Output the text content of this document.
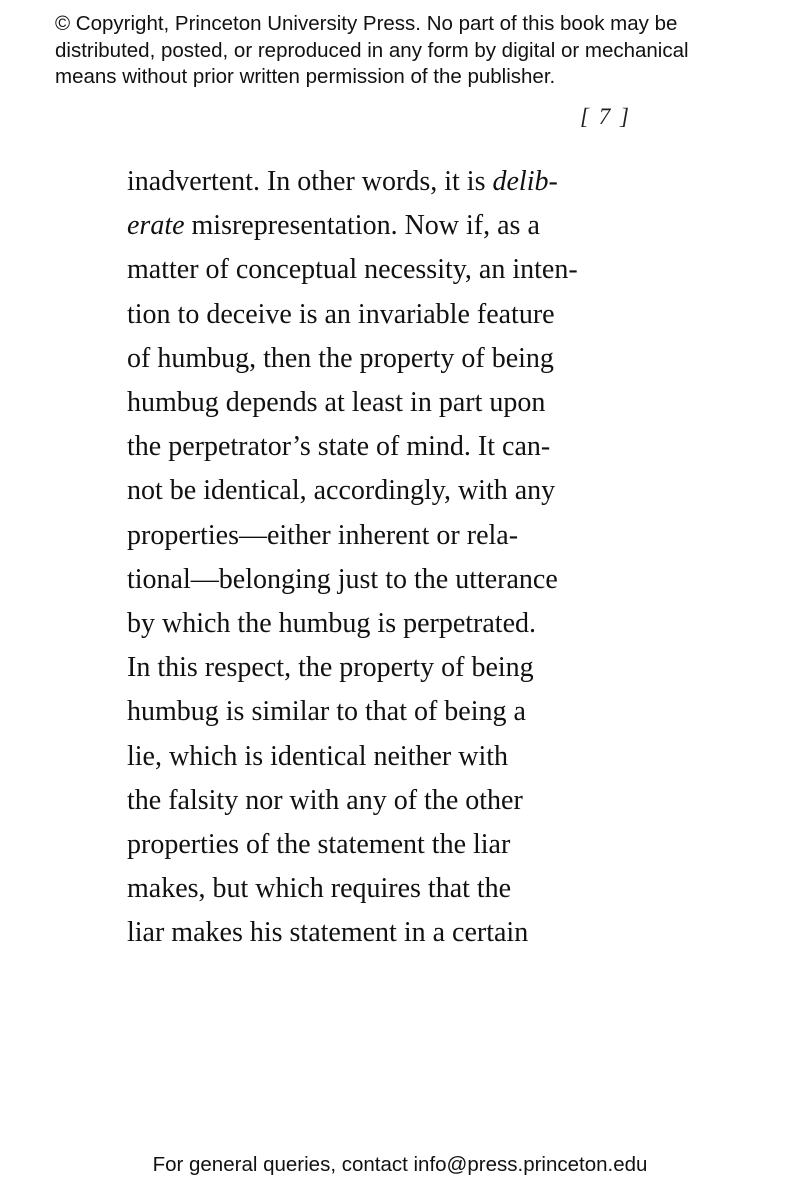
© Copyright, Princeton University Press. No part of this book may be
distributed, posted, or reproduced in any form by digital or mechanical
means without prior written permission of the publisher.
[ 7 ]
inadvertent. In other words, it is delib-
erate misrepresentation. Now if, as a
matter of conceptual necessity, an inten-
tion to deceive is an invariable feature
of humbug, then the property of being
humbug depends at least in part upon
the perpetrator’s state of mind. It can-
not be identical, accordingly, with any
properties—either inherent or rela-
tional—belonging just to the utterance
by which the humbug is perpetrated.
In this respect, the property of being
humbug is similar to that of being a
lie, which is identical neither with
the falsity nor with any of the other
properties of the statement the liar
makes, but which requires that the
liar makes his statement in a certain
For general queries, contact info@press.princeton.edu
